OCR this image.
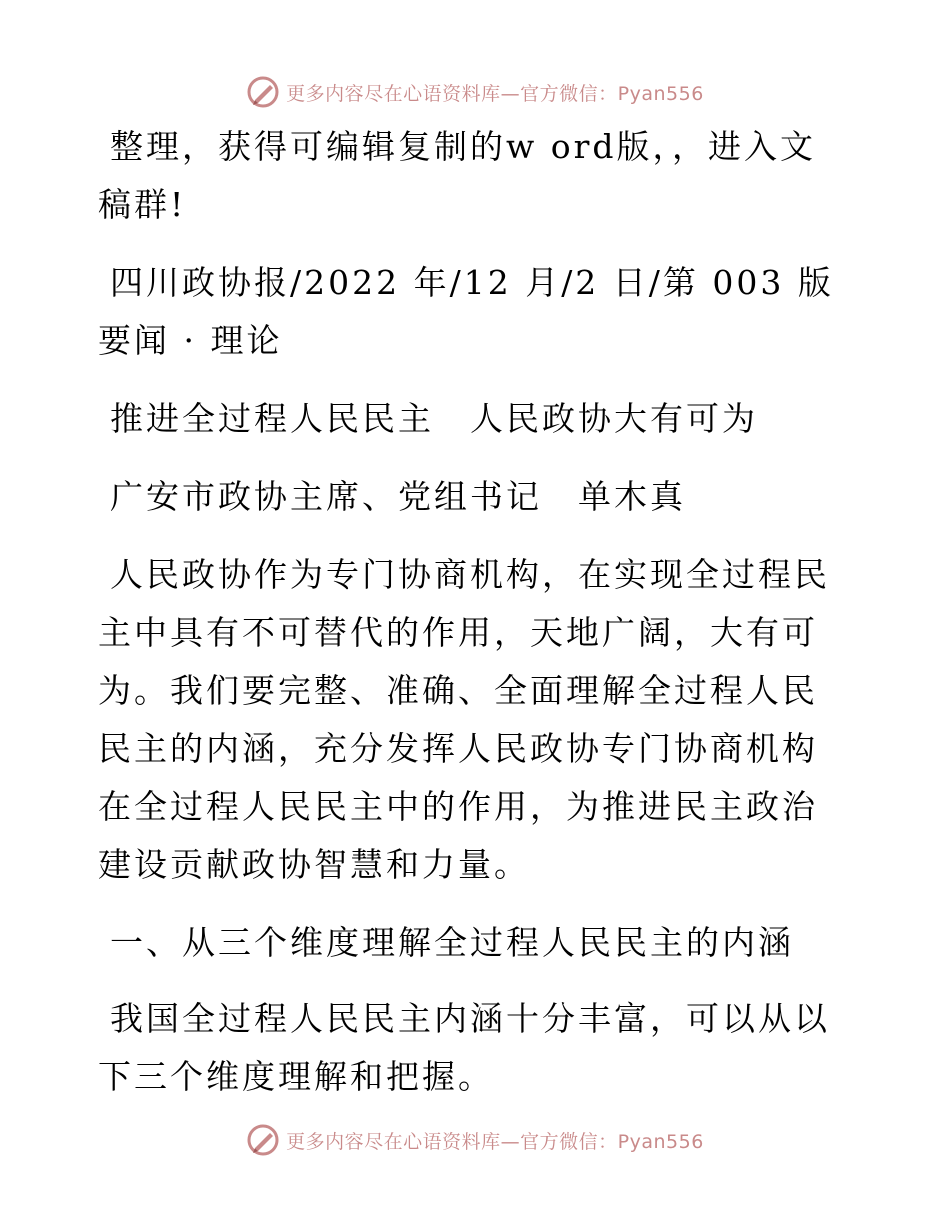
更多内容尽在心语资料库—官方微信：Pyan556

整理，获得可编辑复制的w ord版，，进入文稿群!

四川政协报/2022 年/12 月/2 日/第 003 版要闻 · 理论

推进全过程人民民主　人民政协大有可为

广安市政协主席、党组书记　单木真

人民政协作为专门协商机构，在实现全过程民主中具有不可替代的作用，天地广阔，大有可为。我们要完整、准确、全面理解全过程人民民主的内涵，充分发挥人民政协专门协商机构在全过程人民民主中的作用，为推进民主政治建设贡献政协智慧和力量。

一、从三个维度理解全过程人民民主的内涵

我国全过程人民民主内涵十分丰富，可以从以下三个维度理解和把握。

更多内容尽在心语资料库—官方微信：Pyan556
